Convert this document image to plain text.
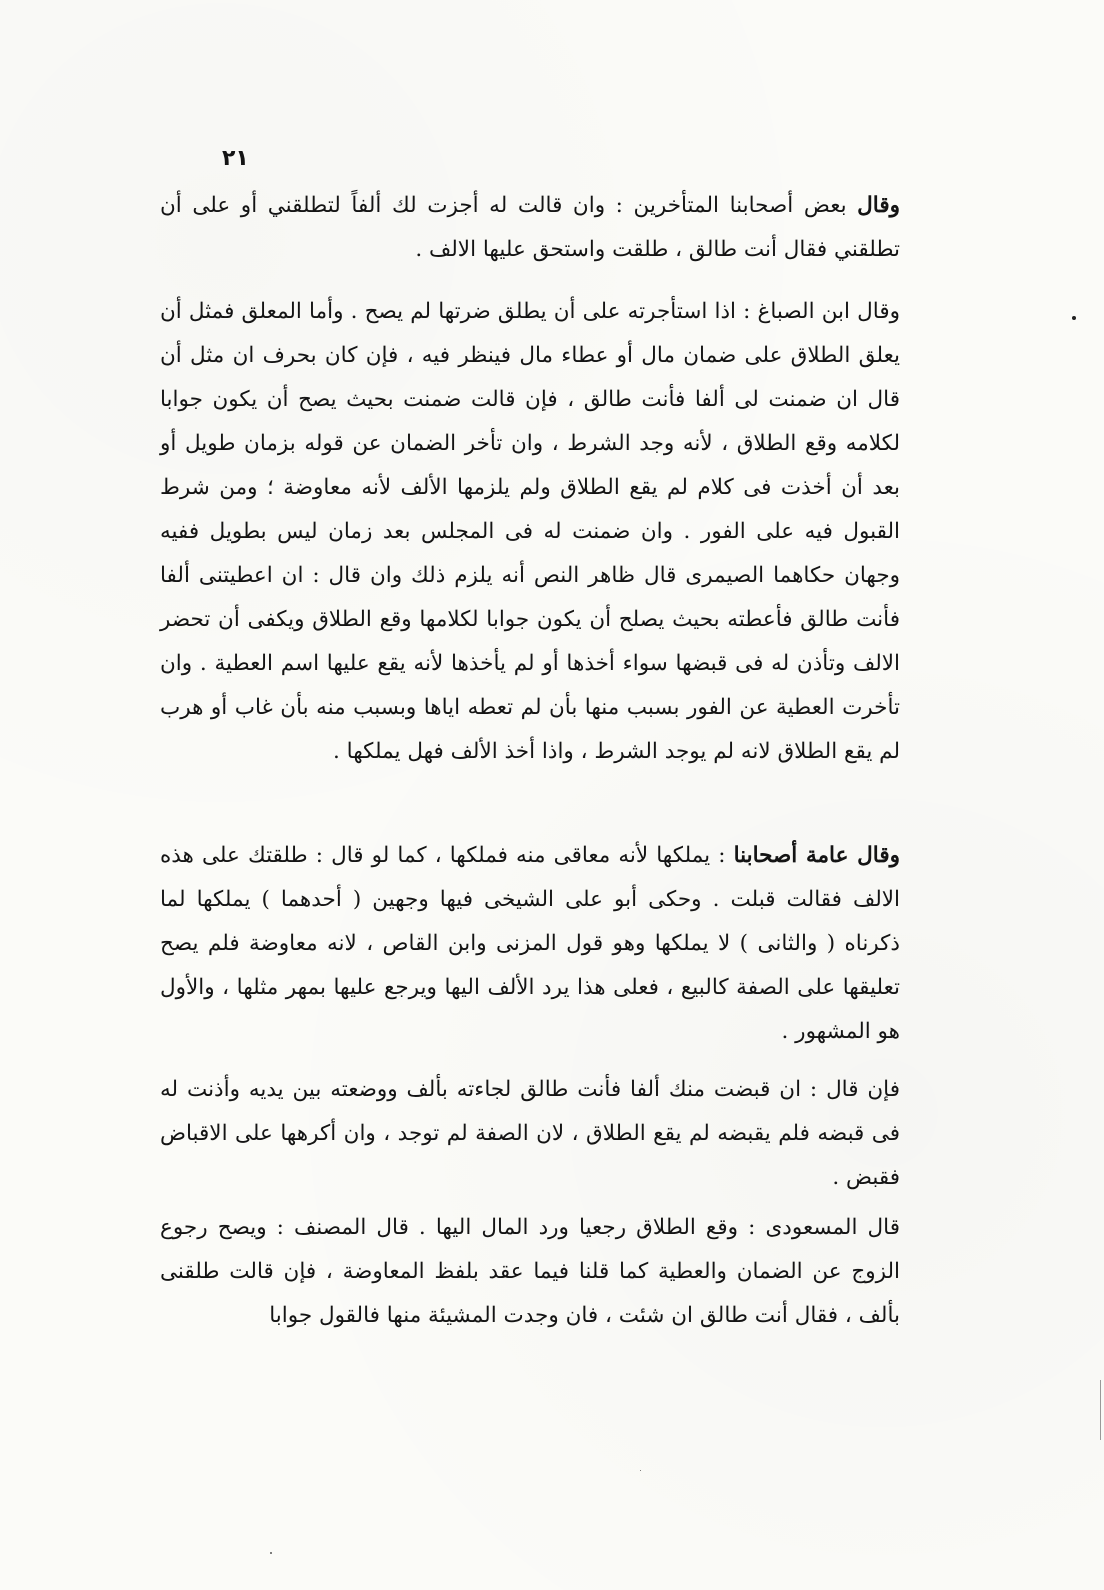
٢١

وقال بعض أصحابنا المتأخرين : وان قالت له أجزت لك ألفاً لتطلقني أو على أن تطلقني فقال أنت طالق ، طلقت واستحق عليها الالف .

وقال ابن الصباغ : اذا استأجرته على أن يطلق ضرتها لم يصح . وأما المعلق فمثل أن يعلق الطلاق على ضمان مال أو عطاء مال فينظر فيه ، فإن كان بحرف ان مثل أن قال ان ضمنت لى ألفا فأنت طالق ، فإن قالت ضمنت بحيث يصح أن يكون جوابا لكلامه وقع الطلاق ، لأنه وجد الشرط ، وان تأخر الضمان عن قوله بزمان طويل أو بعد أن أخذت فى كلام لم يقع الطلاق ولم يلزمها الألف لأنه معاوضة ؛ ومن شرط القبول فيه على الفور . وان ضمنت له فى المجلس بعد زمان ليس بطويل ففيه وجهان حكاهما الصيمرى قال ظاهر النص أنه يلزم ذلك وان قال : ان اعطيتنى ألفا فأنت طالق فأعطته بحيث يصلح أن يكون جوابا لكلامها وقع الطلاق ويكفى أن تحضر الالف وتأذن له فى قبضها سواء أخذها أو لم يأخذها لأنه يقع عليها اسم العطية . وان تأخرت العطية عن الفور بسبب منها بأن لم تعطه اياها وبسبب منه بأن غاب أو هرب لم يقع الطلاق لانه لم يوجد الشرط ، واذا أخذ الألف فهل يملكها .

وقال عامة أصحابنا : يملكها لأنه معاقى منه فملكها ، كما لو قال : طلقتك على هذه الالف فقالت قبلت . وحكى أبو على الشيخى فيها وجهين ( أحدهما ) يملكها لما ذكرناه ( والثانى ) لا يملكها وهو قول المزنى وابن القاص ، لانه معاوضة فلم يصح تعليقها على الصفة كالبيع ، فعلى هذا يرد الألف اليها ويرجع عليها بمهر مثلها ، والأول هو المشهور .

فإن قال : ان قبضت منك ألفا فأنت طالق لجاءته بألف ووضعته بين يديه وأذنت له فى قبضه فلم يقبضه لم يقع الطلاق ، لان الصفة لم توجد ، وان أكرهها على الاقباض فقبض .

قال المسعودى : وقع الطلاق رجعيا ورد المال اليها . قال المصنف : ويصح رجوع الزوج عن الضمان والعطية كما قلنا فيما عقد بلفظ المعاوضة ، فإن قالت طلقنى بألف ، فقال أنت طالق ان شئت ، فان وجدت المشيئة منها فالقول جوابا
